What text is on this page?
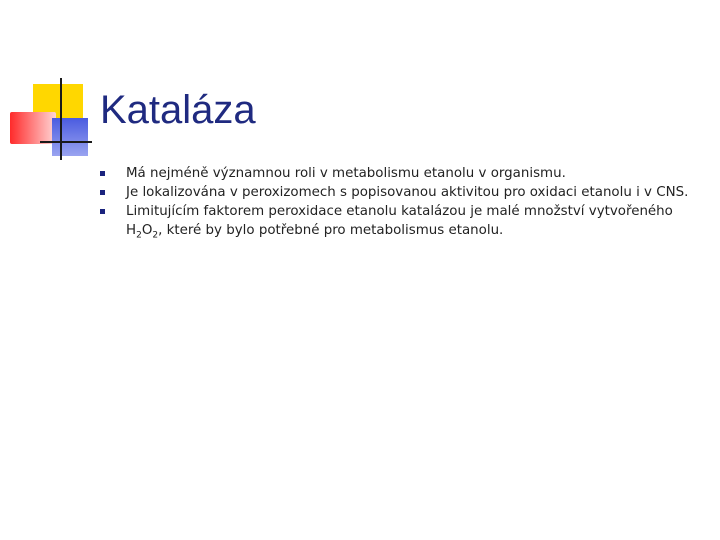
Kataláza
Má nejméně významnou roli v metabolismu etanolu v organismu.
Je lokalizována v peroxizomech s popisovanou aktivitou pro oxidaci etanolu i v CNS.
Limitujícím faktorem peroxidace etanolu katalázou je malé množství vytvořeného $H_2O_2$, které by bylo potřebné pro metabolismus etanolu.
